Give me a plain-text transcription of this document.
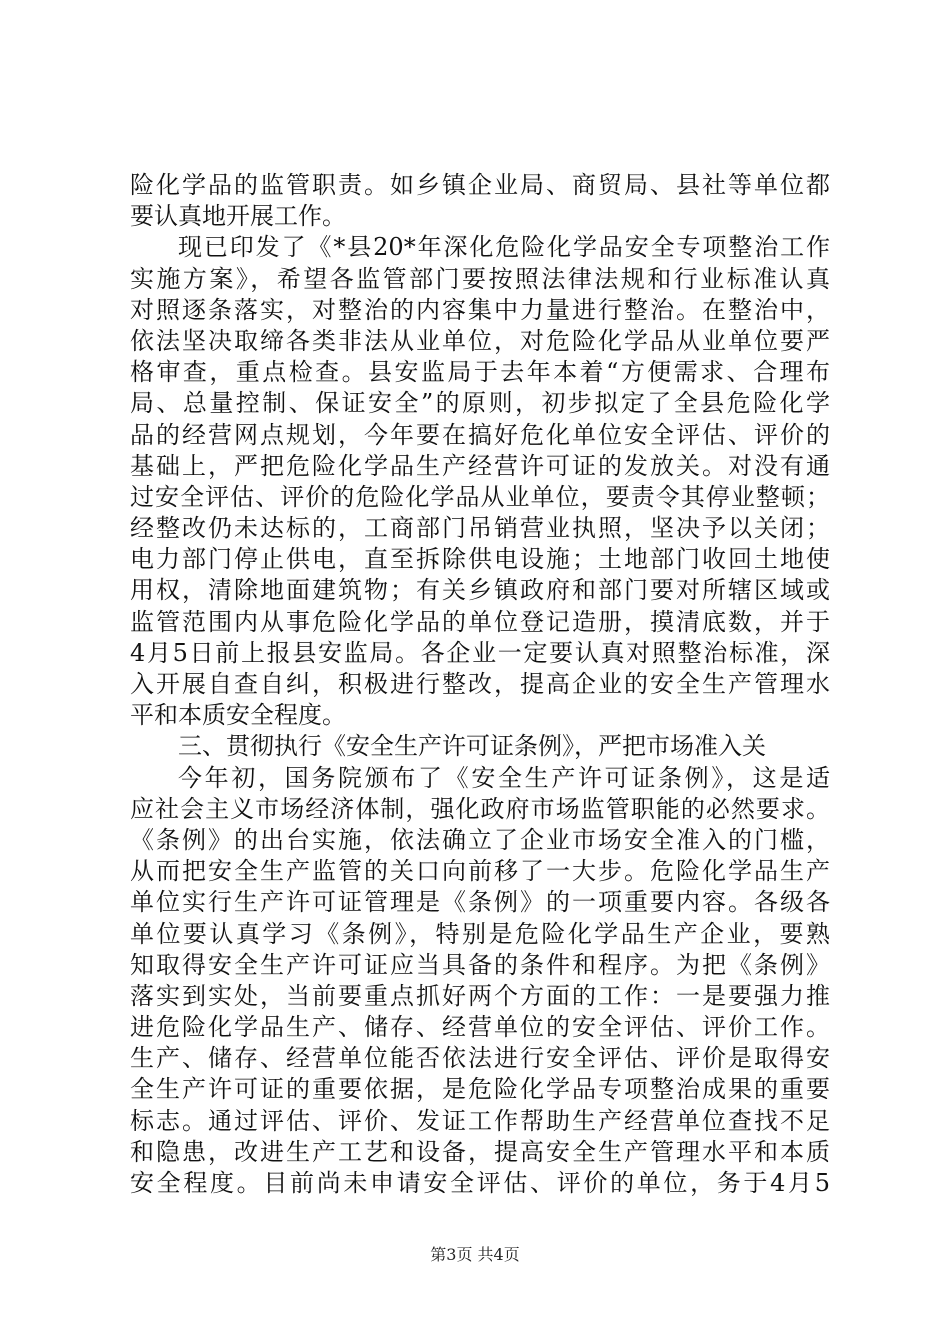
险化学品的监管职责。如乡镇企业局、商贸局、县社等单位都
要认真地开展工作。
现已印发了《*县20*年深化危险化学品安全专项整治工作
实施方案》，希望各监管部门要按照法律法规和行业标准认真
对照逐条落实，对整治的内容集中力量进行整治。在整治中，
依法坚决取缔各类非法从业单位，对危险化学品从业单位要严
格审查，重点检查。县安监局于去年本着“方便需求、合理布
局、总量控制、保证安全”的原则，初步拟定了全县危险化学
品的经营网点规划，今年要在搞好危化单位安全评估、评价的
基础上，严把危险化学品生产经营许可证的发放关。对没有通
过安全评估、评价的危险化学品从业单位，要责令其停业整顿；
经整改仍未达标的，工商部门吊销营业执照，坚决予以关闭；
电力部门停止供电，直至拆除供电设施；土地部门收回土地使
用权，清除地面建筑物；有关乡镇政府和部门要对所辖区域或
监管范围内从事危险化学品的单位登记造册，摸清底数，并于
4月5日前上报县安监局。各企业一定要认真对照整治标准，深
入开展自查自纠，积极进行整改，提高企业的安全生产管理水
平和本质安全程度。
三、贯彻执行《安全生产许可证条例》，严把市场准入关
今年初，国务院颁布了《安全生产许可证条例》，这是适
应社会主义市场经济体制，强化政府市场监管职能的必然要求。
《条例》的出台实施，依法确立了企业市场安全准入的门槛，
从而把安全生产监管的关口向前移了一大步。危险化学品生产
单位实行生产许可证管理是《条例》的一项重要内容。各级各
单位要认真学习《条例》，特别是危险化学品生产企业，要熟
知取得安全生产许可证应当具备的条件和程序。为把《条例》
落实到实处，当前要重点抓好两个方面的工作：一是要强力推
进危险化学品生产、储存、经营单位的安全评估、评价工作。
生产、储存、经营单位能否依法进行安全评估、评价是取得安
全生产许可证的重要依据，是危险化学品专项整治成果的重要
标志。通过评估、评价、发证工作帮助生产经营单位查找不足
和隐患，改进生产工艺和设备，提高安全生产管理水平和本质
安全程度。目前尚未申请安全评估、评价的单位，务于4月5
第3页 共4页
